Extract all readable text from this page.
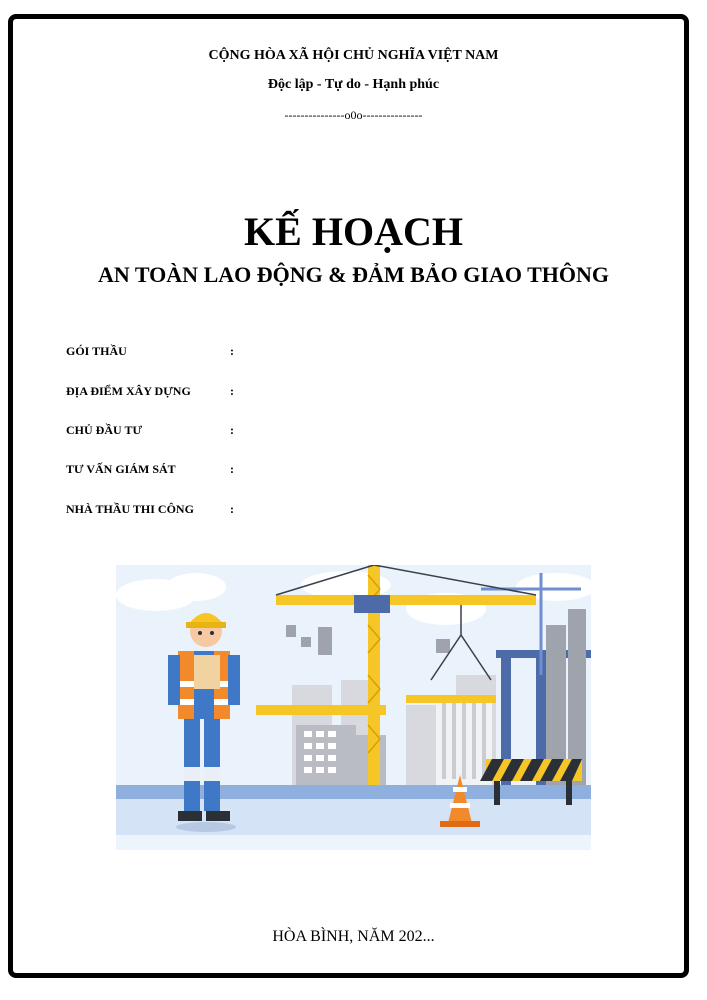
CỘNG HÒA XÃ HỘI CHỦ NGHĨA VIỆT NAM
Độc lập - Tự do - Hạnh phúc
---------------o0o---------------
KẾ HOẠCH
AN TOÀN LAO ĐỘNG & ĐẢM BẢO GIAO THÔNG
GÓI THẦU	:
ĐỊA ĐIỂM XÂY DỰNG	:
CHỦ ĐẦU TƯ	:
TƯ VẤN GIÁM SÁT	:
NHÀ THẦU THI CÔNG	:
HÒA BÌNH, NĂM 202...
